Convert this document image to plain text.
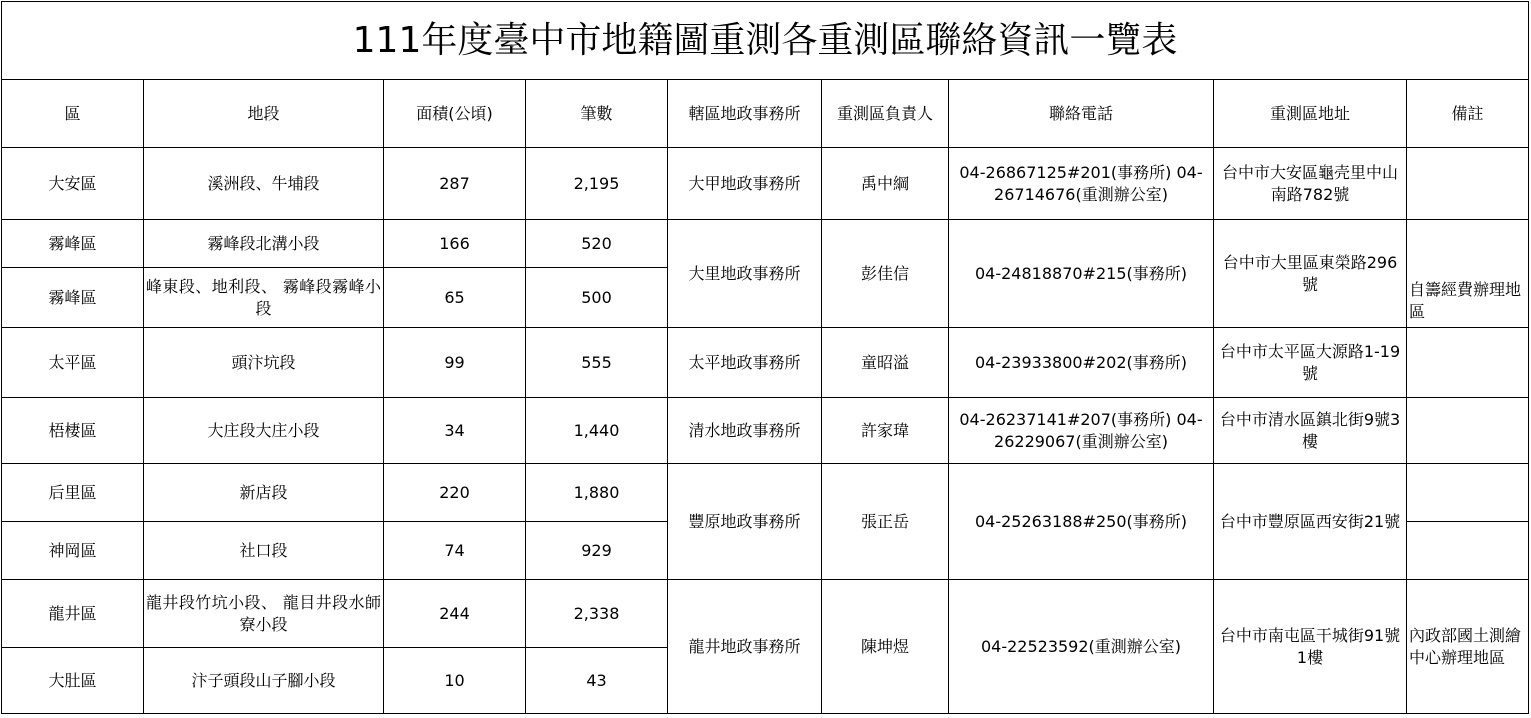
111年度臺中市地籍圖重測各重測區聯絡資訊一覽表								
區	地段	面積(公頃)	筆數	轄區地政事務所	重測區負責人	聯絡電話	重測區地址	備註
大安區	溪洲段、牛埔段	287	2,195	大甲地政事務所	禹中綱	04-26867125#201(事務所) 04-26714676(重測辦公室)	台中市大安區龜壳里中山南路782號	
霧峰區	霧峰段北溝小段	166	520	大里地政事務所	彭佳信	04-24818870#215(事務所)	台中市大里區東榮路296號	自籌經費辦理地區
霧峰區	峰東段、地利段、 霧峰段霧峰小段	65	500					
太平區	頭汴坑段	99	555	太平地政事務所	童昭溢	04-23933800#202(事務所)	台中市太平區大源路1-19號	
梧棲區	大庄段大庄小段	34	1,440	清水地政事務所	許家瑋	04-26237141#207(事務所) 04-26229067(重測辦公室)	台中市清水區鎮北街9號3樓	
后里區	新店段	220	1,880	豐原地政事務所	張正岳	04-25263188#250(事務所)	台中市豐原區西安街21號	
神岡區	社口段	74	929					
龍井區	龍井段竹坑小段、 龍目井段水師寮小段	244	2,338	龍井地政事務所	陳坤煜	04-22523592(重測辦公室)	台中市南屯區干城街91號1樓	內政部國土測繪中心辦理地區
大肚區	汴子頭段山子腳小段	10	43					
